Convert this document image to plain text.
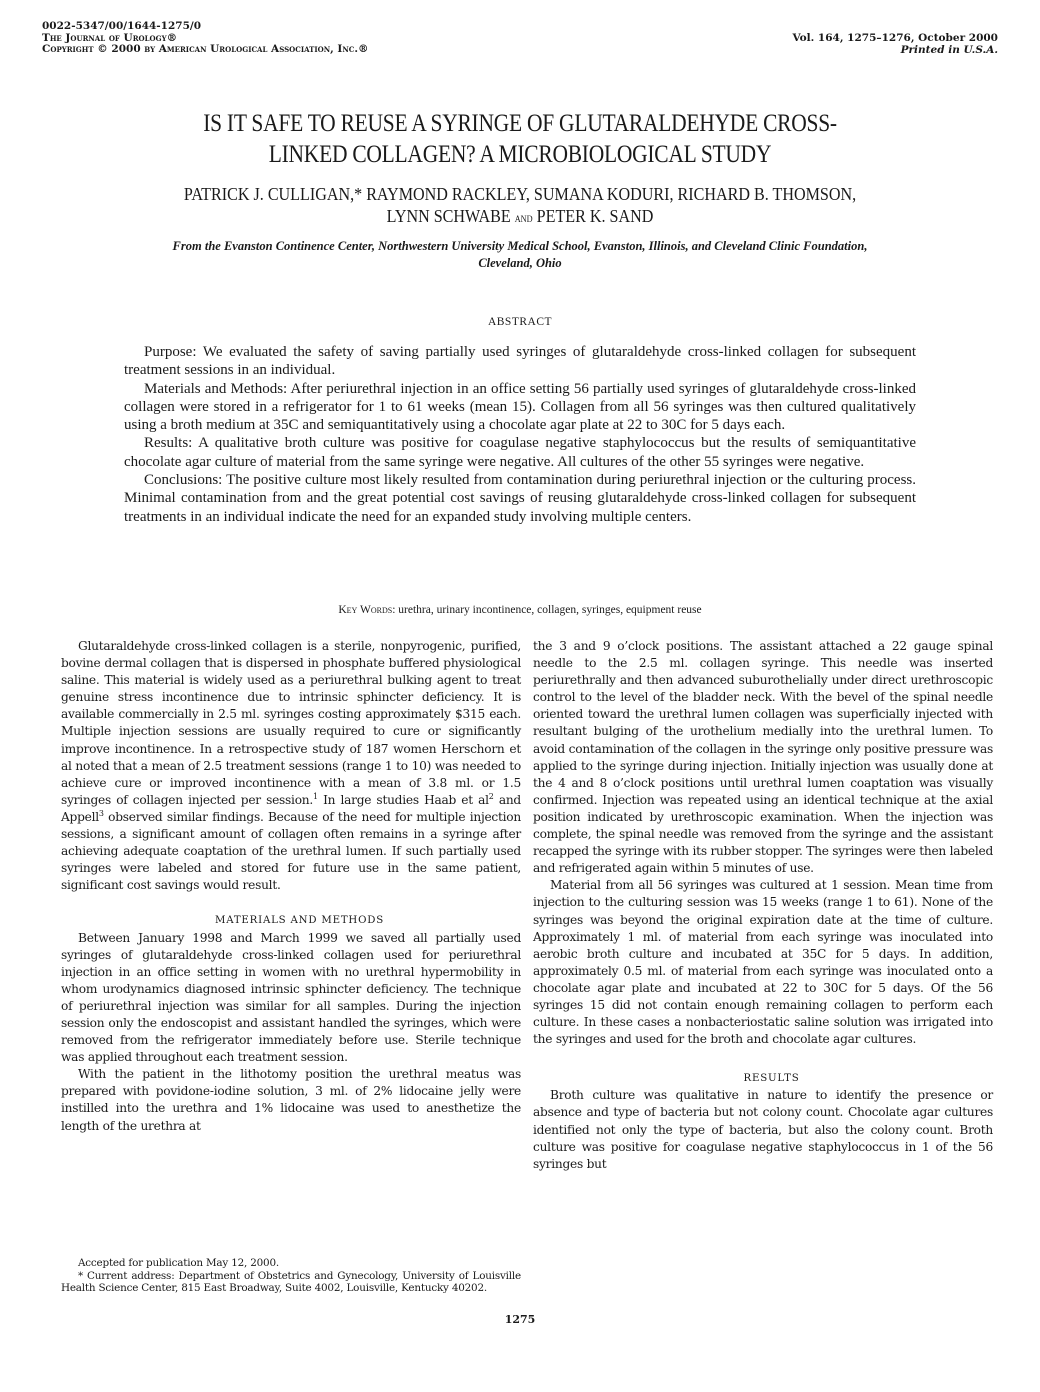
0022-5347/00/1644-1275/0
The Journal of Urology®
Copyright © 2000 by American Urological Association, Inc.®
Vol. 164, 1275–1276, October 2000
Printed in U.S.A.
IS IT SAFE TO REUSE A SYRINGE OF GLUTARALDEHYDE CROSS-
LINKED COLLAGEN? A MICROBIOLOGICAL STUDY
PATRICK J. CULLIGAN,* RAYMOND RACKLEY, SUMANA KODURI, RICHARD B. THOMSON,
LYNN SCHWABE and PETER K. SAND
From the Evanston Continence Center, Northwestern University Medical School, Evanston, Illinois, and Cleveland Clinic Foundation,
Cleveland, Ohio
ABSTRACT

Purpose: We evaluated the safety of saving partially used syringes of glutaraldehyde cross-linked collagen for subsequent treatment sessions in an individual.

Materials and Methods: After periurethral injection in an office setting 56 partially used syringes of glutaraldehyde cross-linked collagen were stored in a refrigerator for 1 to 61 weeks (mean 15). Collagen from all 56 syringes was then cultured qualitatively using a broth medium at 35C and semiquantitatively using a chocolate agar plate at 22 to 30C for 5 days each.

Results: A qualitative broth culture was positive for coagulase negative staphylococcus but the results of semiquantitative chocolate agar culture of material from the same syringe were negative. All cultures of the other 55 syringes were negative.

Conclusions: The positive culture most likely resulted from contamination during periurethral injection or the culturing process. Minimal contamination from and the great potential cost savings of reusing glutaraldehyde cross-linked collagen for subsequent treatments in an individual indicate the need for an expanded study involving multiple centers.

Key Words: urethra, urinary incontinence, collagen, syringes, equipment reuse

Glutaraldehyde cross-linked collagen is a sterile, nonpyrogenic, purified, bovine dermal collagen that is dispersed in phosphate buffered physiological saline. This material is widely used as a periurethral bulking agent to treat genuine stress incontinence due to intrinsic sphincter deficiency. It is available commercially in 2.5 ml. syringes costing approximately $315 each. Multiple injection sessions are usually required to cure or significantly improve incontinence. In a retrospective study of 187 women Herschorn et al noted that a mean of 2.5 treatment sessions (range 1 to 10) was needed to achieve cure or improved incontinence with a mean of 3.8 ml. or 1.5 syringes of collagen injected per session.$^1$ In large studies Haab et $al^2$ and Appell$^3$ observed similar findings. Because of the need for multiple injection sessions, a significant amount of collagen often remains in a syringe after achieving adequate coaptation of the urethral lumen. If such partially used syringes were labeled and stored for future use in the same patient, significant cost savings would result.

MATERIALS AND METHODS

Between January 1998 and March 1999 we saved all partially used syringes of glutaraldehyde cross-linked collagen used for periurethral injection in an office setting in women with no urethral hypermobility in whom urodynamics diagnosed intrinsic sphincter deficiency. The technique of periurethral injection was similar for all samples. During the injection session only the endoscopist and assistant handled the syringes, which were removed from the refrigerator immediately before use. Sterile technique was applied throughout each treatment session.

With the patient in the lithotomy position the urethral meatus was prepared with povidone-iodine solution, 3 ml. of 2% lidocaine jelly were instilled into the urethra and 1% lidocaine was used to anesthetize the length of the urethra at

Accepted for publication May 12, 2000.

* Current address: Department of Obstetrics and Gynecology, University of Louisville Health Science Center, 815 East Broadway, Suite 4002, Louisville, Kentucky 40202.

the 3 and 9 o’clock positions. The assistant attached a 22 gauge spinal needle to the 2.5 ml. collagen syringe. This needle was inserted periurethrally and then advanced suburothelially under direct urethroscopic control to the level of the bladder neck. With the bevel of the spinal needle oriented toward the urethral lumen collagen was superficially injected with resultant bulging of the urothelium medially into the urethral lumen. To avoid contamination of the collagen in the syringe only positive pressure was applied to the syringe during injection. Initially injection was usually done at the 4 and 8 o’clock positions until urethral lumen coaptation was visually confirmed. Injection was repeated using an identical technique at the axial position indicated by urethroscopic examination. When the injection was complete, the spinal needle was removed from the syringe and the assistant recapped the syringe with its rubber stopper. The syringes were then labeled and refrigerated again within 5 minutes of use.

Material from all 56 syringes was cultured at 1 session. Mean time from injection to the culturing session was 15 weeks (range 1 to 61). None of the syringes was beyond the original expiration date at the time of culture. Approximately 1 ml. of material from each syringe was inoculated into aerobic broth culture and incubated at 35C for 5 days. In addition, approximately 0.5 ml. of material from each syringe was inoculated onto a chocolate agar plate and incubated at 22 to 30C for 5 days. Of the 56 syringes 15 did not contain enough remaining collagen to perform each culture. In these cases a nonbacteriostatic saline solution was irrigated into the syringes and used for the broth and chocolate agar cultures.

RESULTS

Broth culture was qualitative in nature to identify the presence or absence and type of bacteria but not colony count. Chocolate agar cultures identified not only the type of bacteria, but also the colony count. Broth culture was positive for coagulase negative staphylococcus in 1 of the 56 syringes but

1275
